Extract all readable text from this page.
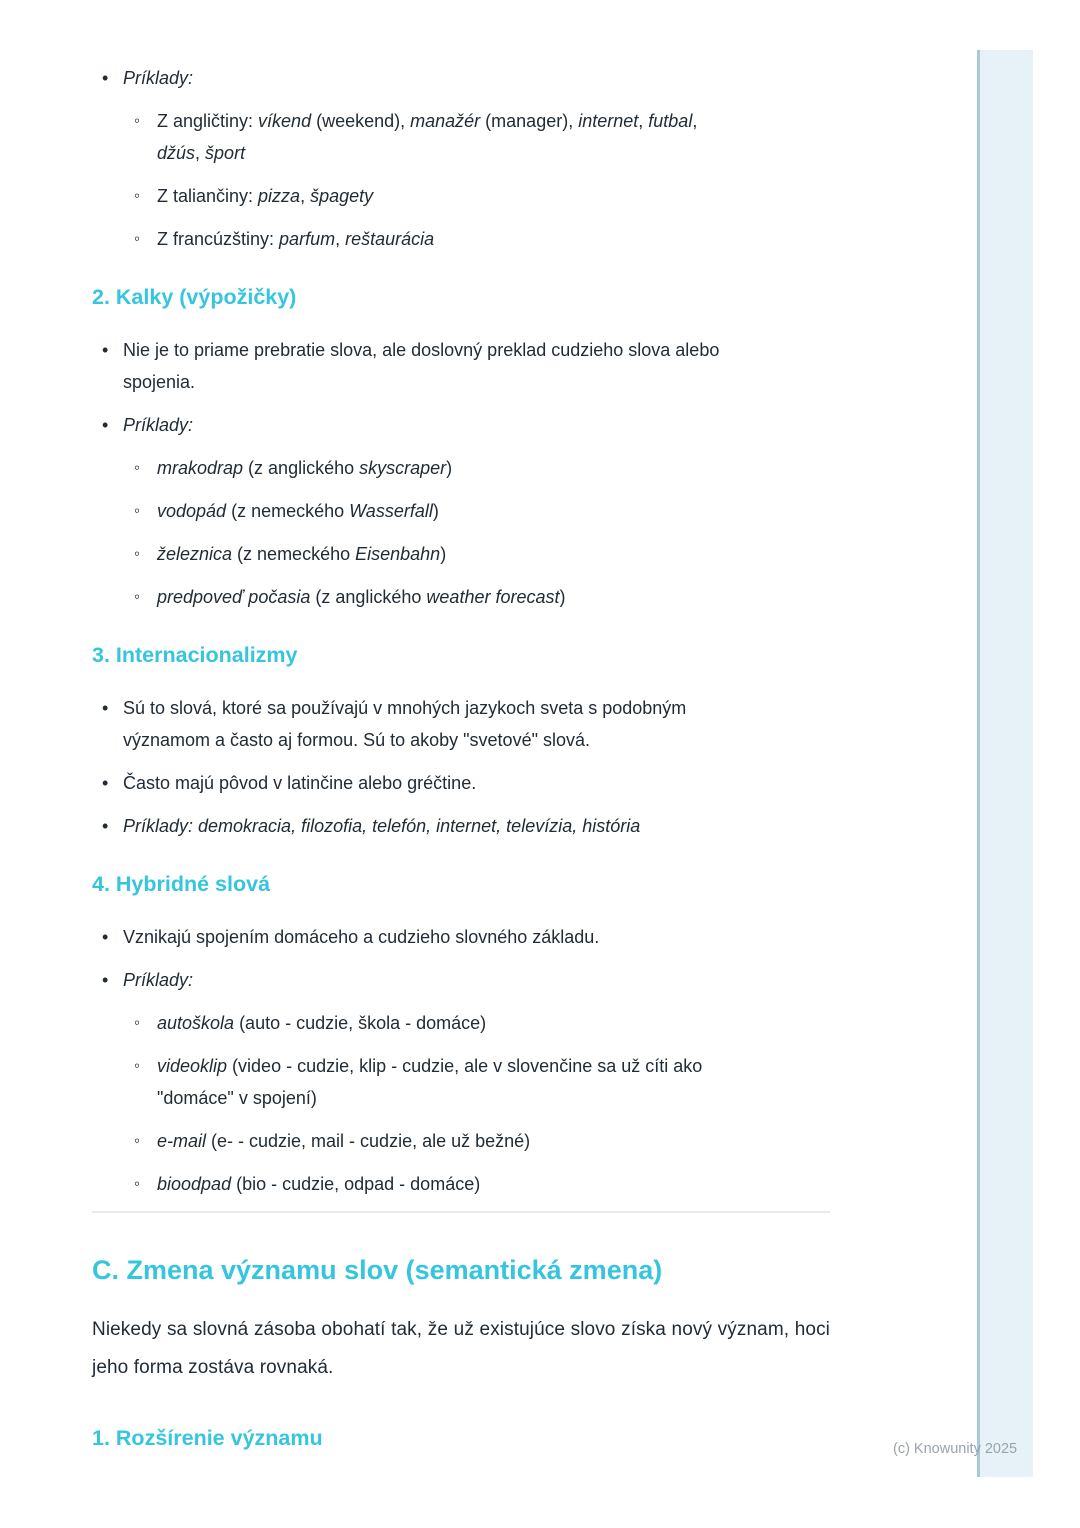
• Príklady:
◦ Z angličtiny: víkend (weekend), manažér (manager), internet, futbal,
džús, šport
◦ Z taliančiny: pizza, špagety
◦ Z francúzštiny: parfum, reštaurácia
2. Kalky (výpožičky)
• Nie je to priame prebratie slova, ale doslovný preklad cudzieho slova alebo
spojenia.
• Príklady:
◦ mrakodrap (z anglického skyscraper)
◦ vodopád (z nemeckého Wasserfall)
◦ železnica (z nemeckého Eisenbahn)
◦ predpoveď počasia (z anglického weather forecast)
3. Internacionalizmy
• Sú to slová, ktoré sa používajú v mnohých jazykoch sveta s podobným
významom a často aj formou. Sú to akoby "svetové" slová.
• Často majú pôvod v latinčine alebo gréčtine.
• Príklady: demokracia, filozofia, telefón, internet, televízia, história
4. Hybridné slová
• Vznikajú spojením domáceho a cudzieho slovného základu.
• Príklady:
◦ autoškola (auto - cudzie, škola - domáce)
◦ videoklip (video - cudzie, klip - cudzie, ale v slovenčine sa už cíti ako
"domáce" v spojení)
◦ e-mail (e- - cudzie, mail - cudzie, ale už bežné)
◦ bioodpad (bio - cudzie, odpad - domáce)
C. Zmena významu slov (semantická zmena)

Niekedy sa slovná zásoba obohatí tak, že už existujúce slovo získa nový význam, hoci jeho forma zostáva rovnaká.

1. Rozšírenie významu	(c) Knowunity 2025
